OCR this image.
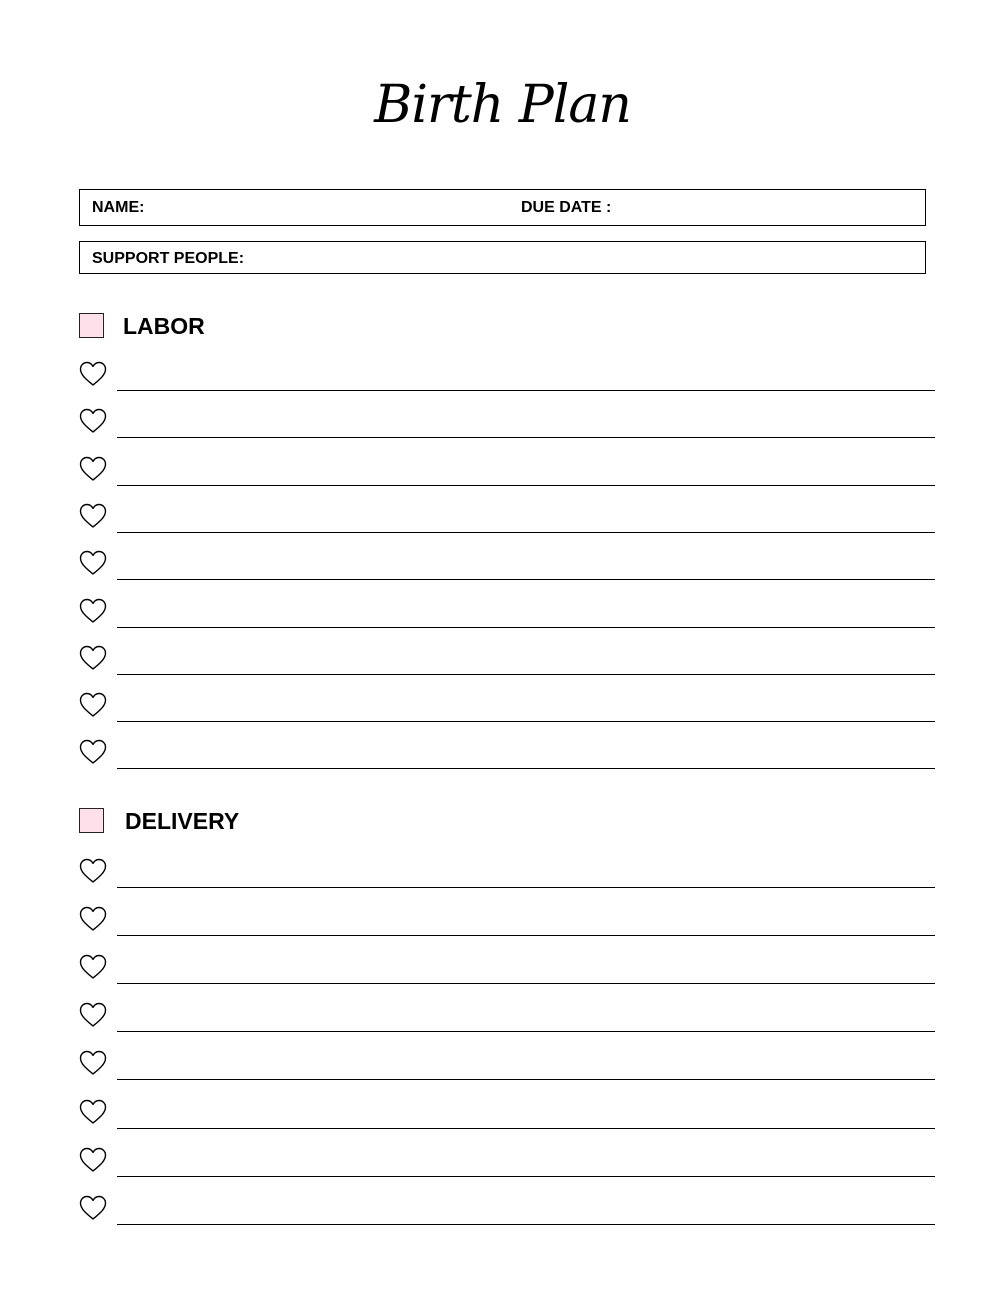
Birth Plan
NAME:	DUE DATE :
SUPPORT PEOPLE:
LABOR
DELIVERY
